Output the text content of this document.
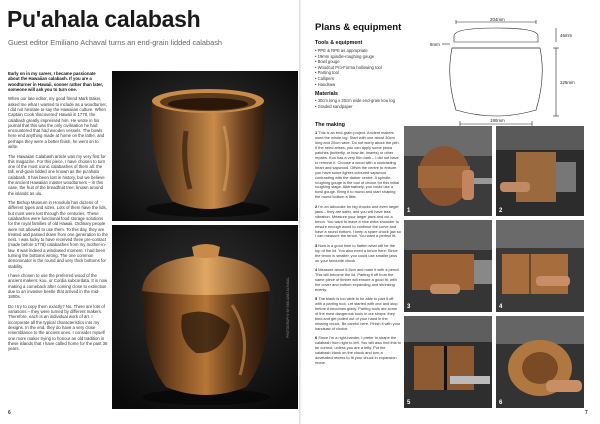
Pu'ahala calabash
Guest editor Emiliano Achaval turns an end-grain lidded calabash

Early on in my career, I became passionate about the Hawaiian calabash. If you are a woodturner in Hawaii, sooner rather than later, someone will ask you to turn one.

When our late editor, my good friend Mark Baker, asked me what I wanted to include as a woodturner, I did not hesitate to say the Hawaiian culture. When Captain Cook 'discovered' Hawaii in 1778, the calabash greatly impressed him. He wrote in his journal that this was the only civilisation he had encountered that had wooden vessels. The bowls here end anything made at home on the lathe, and perhaps they were a better finish, he went on to write.

The Hawaiian Calabash article was my very first for this magazine. For this piece, I have chosen to turn one of the most iconic calabashes of them all: the tall, end-grain lidded one known as the pu'ahala calabash. It has been lost in history, but we believe the ancient Hawaiian master woodturners – in this case, the fruit of the breadfruit tree, known around the islands as ulu.

The Bishop Museum in Honolulu has dozens of different types and sizes. Lots of them have the lids, but most were lost through the centuries. These calabashes were functional food storage solutions for the royal families of old Hawaii. Ordinary people were not allowed to use them. To this day, they are treated and passed down from one generation to the next. I was lucky to have received three pre-contact (made before 1778) calabashes from my mother-in-law. It was indeed a windowed moment. I had been turning the bottoms wrong. The one common denominator is the round and very thick bottoms for stability.

I have chosen to use the preferred wood of the ancient makers: kou, or Cordia subcordata. It is now making a comeback after coming close to extinction due to an invasive beetle that arrived in the mid-1800s.

Do I try to copy them exactly? No. There are lots of variations – they were turned by different makers. Therefore, each is an individual work of art. I incorporate all the typical characteristics into my designs. In the end, they do have a very close resemblance to the ancient ones. I consider myself one more maker trying to honour an old tradition in these islands that I have called home for the past 36 years.

PHOTOGRAPHY BY EMILIANO ACHAVAL
6
Plans & equipment
Tools & equipment
• PPE & RPE as appropriate
• 19mm spindle-roughing gouge
• Bowl gouge
• Woodcut Pro-Forma hollowing tool
• Parting tool
• Callipers
• Handsaw
Materials
• 30cm long x 20cm wide end-grain kou log
• Graded sandpaper
204mm
46mm
8mm
225mm
190mm
The making

1 This is an end-grain project. Ancient makers used the whole log. Start with one about 30cm long and 20cm wide. Do not worry about the pith. If the need arises, you can apply some pewa patches (butterfly, or bow-tie, inserts) or other repairs. Kou has a very thin bark – I did not have to remove it. Choose a wood with a contrasting heart and sapwood. Offset the centre to ensure you have some lighter-coloured sapwood contrasting with the darker centre. A spindle-roughing gouge is the tool of choice for this initial roughing stage. Alternatively, you could use a bowl gouge. Bring it to round and start shaping the round bottom a little.

2 I'm an advocate for big chucks and even larger jaws – they are safer, and you will have less vibration. Measure your larger jaws and cut a tenon. You want to leave a nice extra shoulder to ensure enough wood to continue the curve and have a round bottom. I keep a spare chuck jaw so I can measure the tenon. You want a perfect fit.

3 Now is a good time to flatten what will be the top of the lid. You also need a tenon here. Since the tenon is smaller, you could use smaller jaws on your favourite chuck.

4 Measure about 5.5cm and mark it with a pencil. This will become the lid. Parting it off from the same piece of timber will ensure a good fit, with the cover and bottom expanding and shrinking evenly.

5 The blank is too wide to be able to part it off with a parting tool. Let started with one and stop before it becomes giddy. Parting tools are some of the most dangerous tools in our shops: they bind and get pulled out of your hand in the missing chuck. Be careful here. Finish it with your handsaw of choice.

6 Since I'm a right-hander, I prefer to shape the calabash from right to left. You will also find this to be correct, unless you are a lefty. Put the calabash blank on the chuck and turn a dovetailed recess to fit your chuck in expansion mode.

1	2
3	4
5	6
7
